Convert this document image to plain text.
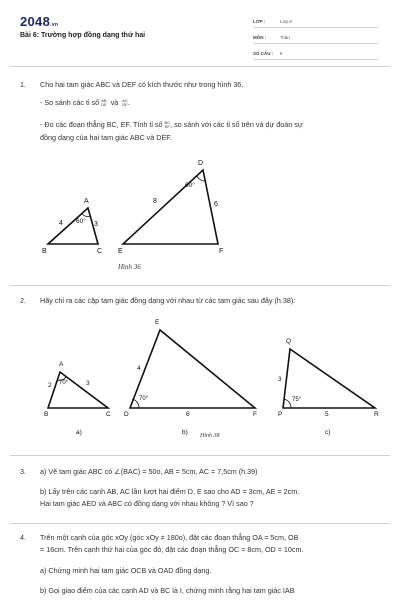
2048.vn
Bài 6: Trường hợp đồng dạng thứ hai
LỚP :	Lớp 8
MÔN :	Toán
SỐ CÂU :	6
1. Cho hai tam giác ABC và DEF có kích thước như trong hình 36.
- So sánh các tỉ số AB
DE và AC
DF .
- Đo các đoạn thẳng BC, EF. Tính tỉ số BC
EF , so sánh với các tỉ số trên và dự đoán sự
đồng dạng của hai tam giác ABC và DEF.
A
B	C
4	3
60°
D
E	F
8	6
60°
Hình 36
2. Hãy chỉ ra các cặp tam giác đồng dạng với nhau từ các tam giác sau đây (h.38):
A
B	C
2	3
70°
a)
E
D	F
4
6
70°
b)
Q
P	R
3
5
75°
c)
Hình 38
3. a) Vẽ tam giác ABC có ∠(BAC) = 50o, AB = 5cm, AC = 7,5cm (h.39)
b) Lấy trên các cạnh AB, AC lần lượt hai điểm D, E sao cho AD = 3cm, AE = 2cm.
Hai tam giác AED và ABC có đồng dạng với nhau không ? Vì sao ?
4. Trên một cạnh của góc xOy (góc xOy ≠ 180o), đặt các đoạn thẳng OA = 5cm, OB
= 16cm. Trên cạnh thứ hai của góc đó, đặt các đoạn thẳng OC = 8cm, OD = 10cm.
a) Chứng minh hai tam giác OCB và OAD đồng dạng.
b) Gọi giao điểm của các cạnh AD và BC là I, chứng minh rằng hai tam giác IAB
